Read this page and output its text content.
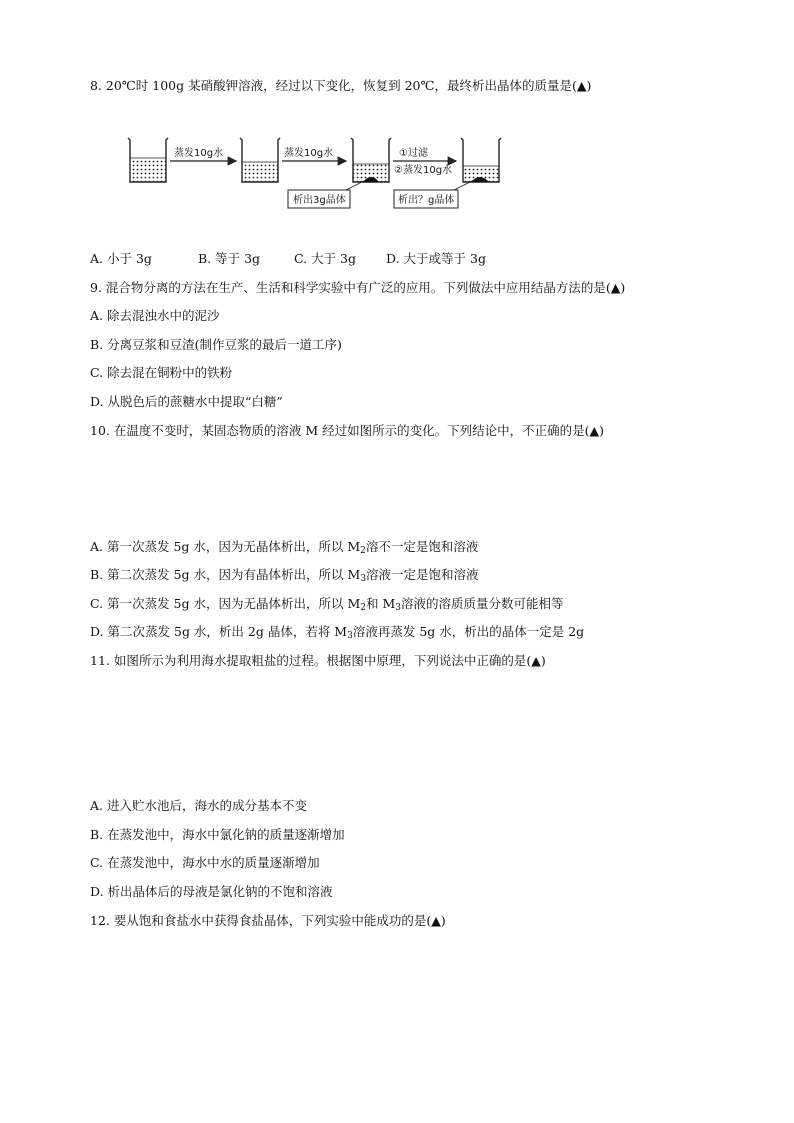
8. 20℃时 100g 某硝酸钾溶液，经过以下变化，恢复到 20℃，最终析出晶体的质量是(▲)
蒸发10g水	蒸发10g水
析出3g晶体
①过滤
②蒸发10g水
析出？g晶体
A. 小于 3g	B. 等于 3g	C. 大于 3g D. 大于或等于 3g
9. 混合物分离的方法在生产、生活和科学实验中有广泛的应用。下列做法中应用结晶方法的是(▲)
A. 除去混浊水中的泥沙
B. 分离豆浆和豆渣(制作豆浆的最后一道工序)
C. 除去混在铜粉中的铁粉
D. 从脱色后的蔗糖水中提取“白糖”
10. 在温度不变时，某固态物质的溶液 M 经过如图所示的变化。下列结论中，不正确的是(▲)
A. 第一次蒸发 5g 水，因为无晶体析出，所以 $M_2$溶不一定是饱和溶液
B. 第二次蒸发 5g 水，因为有晶体析出，所以 $M_3$溶液一定是饱和溶液
C. 第一次蒸发 5g 水，因为无晶体析出，所以 $M_2$和 $M_3$溶液的溶质质量分数可能相等
D. 第二次蒸发 5g 水，析出 2g 晶体，若将 $M_3$溶液再蒸发 5g 水，析出的晶体一定是 2g
11. 如图所示为利用海水提取粗盐的过程。根据图中原理，下列说法中正确的是(▲)
A. 进入贮水池后，海水的成分基本不变
B. 在蒸发池中，海水中氯化钠的质量逐渐增加
C. 在蒸发池中，海水中水的质量逐渐增加
D. 析出晶体后的母液是氯化钠的不饱和溶液
12. 要从饱和食盐水中获得食盐晶体，下列实验中能成功的是(▲)
